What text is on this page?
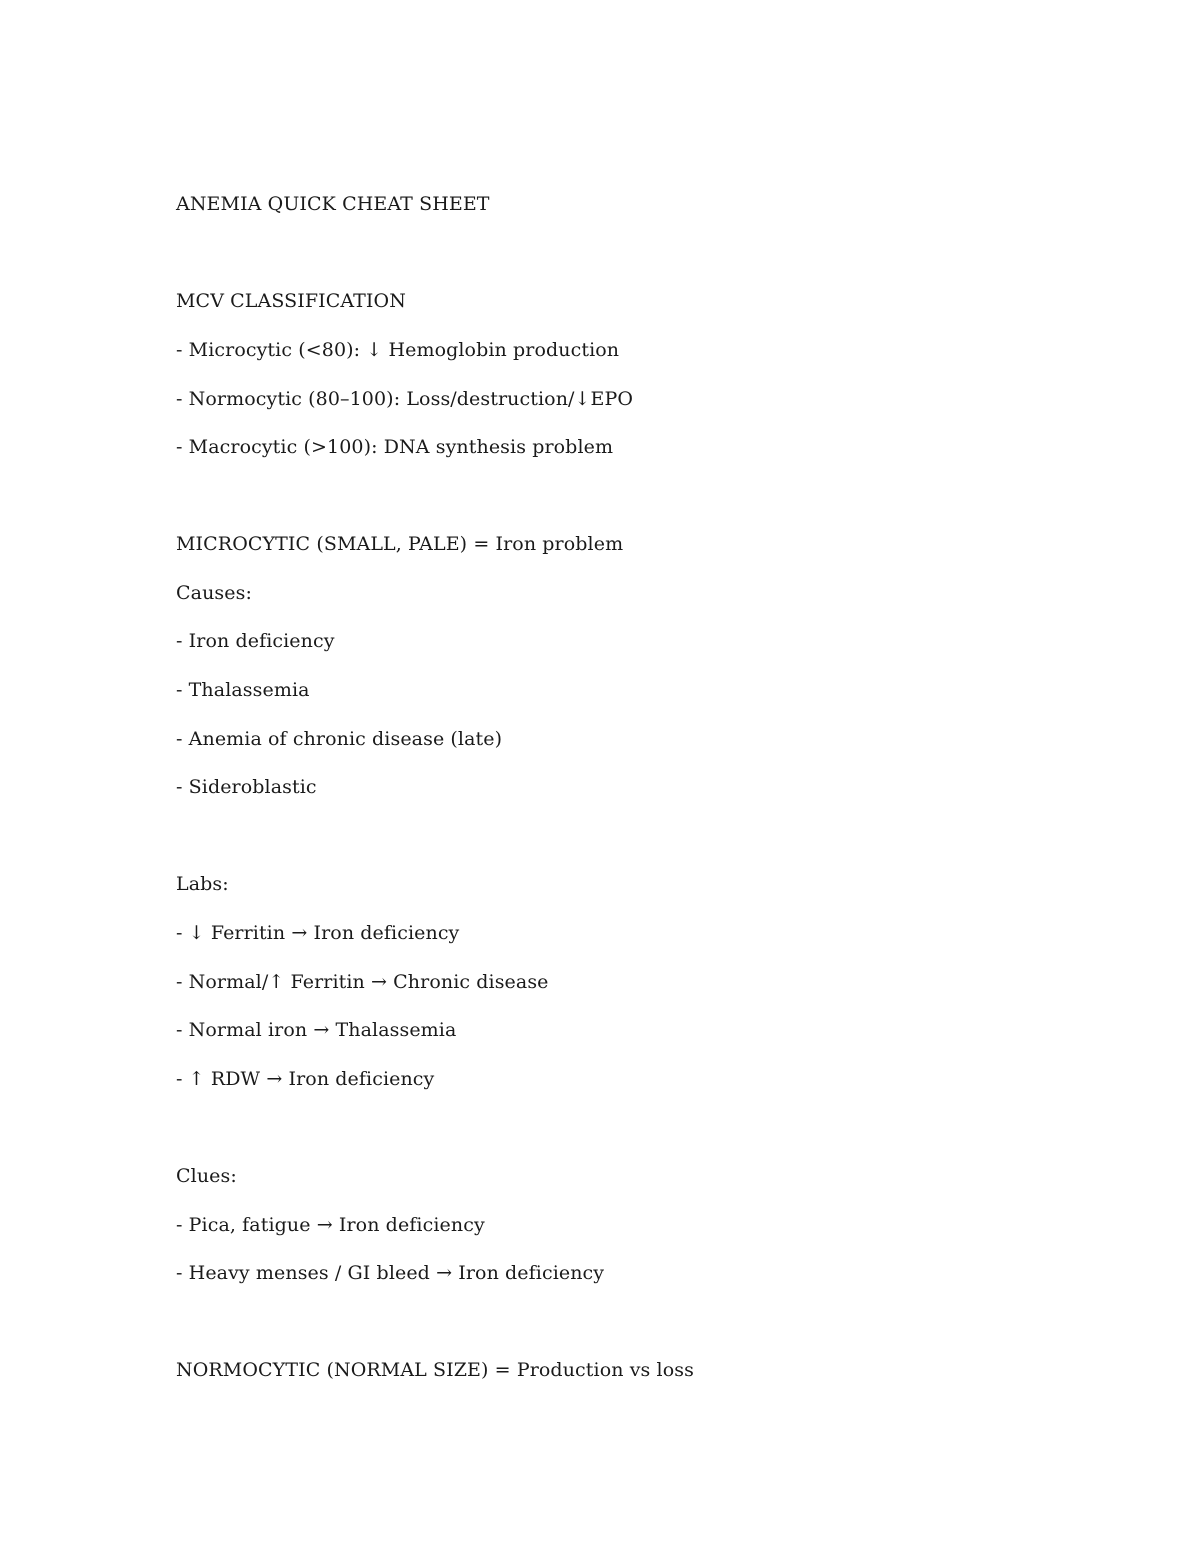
ANEMIA QUICK CHEAT SHEET
MCV CLASSIFICATION
- Microcytic (<80): ↓ Hemoglobin production
- Normocytic (80–100): Loss/destruction/↓EPO
- Macrocytic (>100): DNA synthesis problem
MICROCYTIC (SMALL, PALE) = Iron problem
Causes:
- Iron deficiency
- Thalassemia
- Anemia of chronic disease (late)
- Sideroblastic
Labs:
- ↓ Ferritin → Iron deficiency
- Normal/↑ Ferritin → Chronic disease
- Normal iron → Thalassemia
- ↑ RDW → Iron deficiency
Clues:
- Pica, fatigue → Iron deficiency
- Heavy menses / GI bleed → Iron deficiency
NORMOCYTIC (NORMAL SIZE) = Production vs loss
